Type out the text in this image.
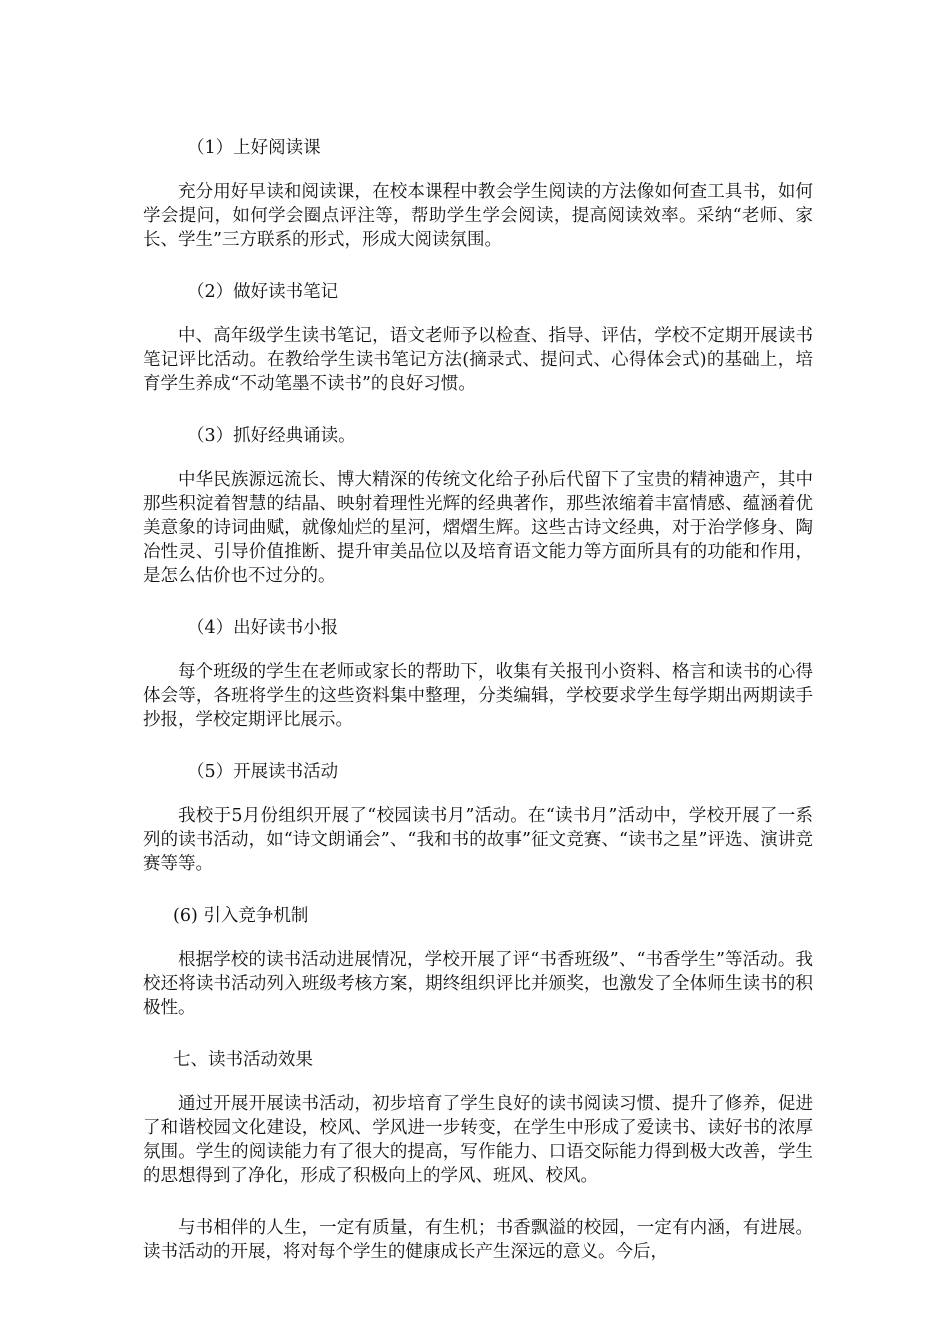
（1）上好阅读课

充分用好早读和阅读课，在校本课程中教会学生阅读的方法像如何查工具书，如何学会提问，如何学会圈点评注等，帮助学生学会阅读，提高阅读效率。采纳“老师、家长、学生”三方联系的形式，形成大阅读氛围。

（2）做好读书笔记

中、高年级学生读书笔记，语文老师予以检查、指导、评估，学校不定期开展读书笔记评比活动。在教给学生读书笔记方法(摘录式、提问式、心得体会式)的基础上，培育学生养成“不动笔墨不读书”的良好习惯。

（3）抓好经典诵读。

中华民族源远流长、博大精深的传统文化给子孙后代留下了宝贵的精神遗产，其中那些积淀着智慧的结晶、映射着理性光辉的经典著作，那些浓缩着丰富情感、蕴涵着优美意象的诗词曲赋，就像灿烂的星河，熠熠生辉。这些古诗文经典，对于治学修身、陶冶性灵、引导价值推断、提升审美品位以及培育语文能力等方面所具有的功能和作用，是怎么估价也不过分的。

（4）出好读书小报

每个班级的学生在老师或家长的帮助下，收集有关报刊小资料、格言和读书的心得体会等，各班将学生的这些资料集中整理，分类编辑，学校要求学生每学期出两期读手抄报，学校定期评比展示。

（5）开展读书活动

我校于5月份组织开展了“校园读书月”活动。在“读书月”活动中，学校开展了一系列的读书活动，如“诗文朗诵会”、“我和书的故事”征文竞赛、“读书之星”评选、演讲竞赛等等。

(6) 引入竞争机制

根据学校的读书活动进展情况，学校开展了评“书香班级”、“书香学生”等活动。我校还将读书活动列入班级考核方案，期终组织评比并颁奖，也激发了全体师生读书的积极性。

七、读书活动效果

通过开展开展读书活动，初步培育了学生良好的读书阅读习惯、提升了修养，促进了和谐校园文化建设，校风、学风进一步转变，在学生中形成了爱读书、读好书的浓厚氛围。学生的阅读能力有了很大的提高，写作能力、口语交际能力得到极大改善，学生的思想得到了净化，形成了积极向上的学风、班风、校风。

与书相伴的人生，一定有质量，有生机；书香飘溢的校园，一定有内涵，有进展。读书活动的开展，将对每个学生的健康成长产生深远的意义。今后，
